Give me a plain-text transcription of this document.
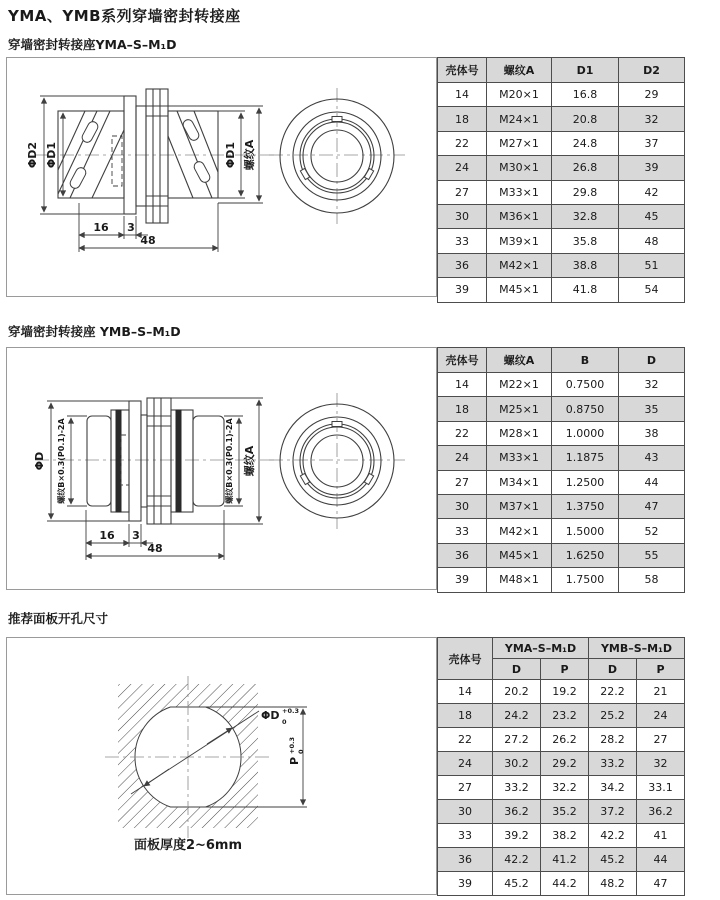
YMA、YMB系列穿墙密封转接座
穿墙密封转接座YMA–S–M₁D
ΦD2 ΦD1	ΦD1 螺纹A
16 3
48
壳体号	螺纹A	D1	D2
14	M20×1	16.8	29
18	M24×1	20.8	32
22	M27×1	24.8	37
24	M30×1	26.8	39
27	M33×1	29.8	42
30	M36×1	32.8	45
33	M39×1	35.8	48
36	M42×1	38.8	51
39	M45×1	41.8	54
穿墙密封转接座 YMB–S–M₁D
ΦD 螺纹B×0.3(P0.1)-2A	螺纹B×0.3(P0.1)-2A 螺纹A
16 3
48
壳体号	螺纹A	B	D
14	M22×1	0.7500	32
18	M25×1	0.8750	35
22	M28×1	1.0000	38
24	M33×1	1.1875	43
27	M34×1	1.2500	44
30	M37×1	1.3750	47
33	M42×1	1.5000	52
36	M45×1	1.6250	55
39	M48×1	1.7500	58
推荐面板开孔尺寸
ΦD +0.3
0
P
+0.3 0
面板厚度2~6mm
壳体号	YMA–S–M₁D		YMB–S–M₁D	
	D	P	D	P
14	20.2	19.2	22.2	21
18	24.2	23.2	25.2	24
22	27.2	26.2	28.2	27
24	30.2	29.2	33.2	32
27	33.2	32.2	34.2	33.1
30	36.2	35.2	37.2	36.2
33	39.2	38.2	42.2	41
36	42.2	41.2	45.2	44
39	45.2	44.2	48.2	47
